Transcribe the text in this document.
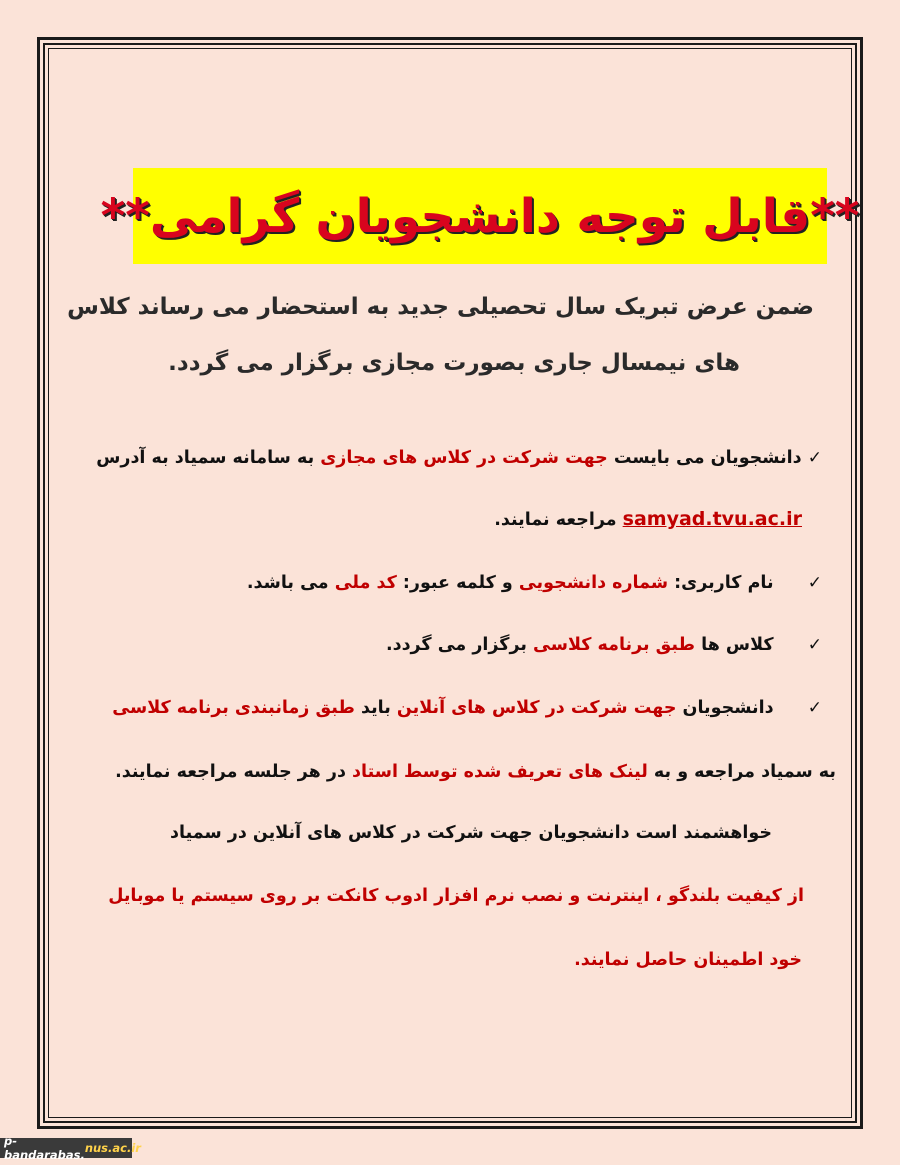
**قابل توجه دانشجویان گرامی**
ضمن عرض تبریک سال تحصیلی جدید به استحضار می رساند کلاس
های نیمسال جاری بصورت مجازی برگزار می گردد.
✓ دانشجویان می بایست جهت شرکت در کلاس های مجازی به سامانه سمیاد به آدرس
samyad.tvu.ac.ir مراجعه نمایند.
✓  نام کاربری: شماره دانشجویی و کلمه عبور: کد ملی می باشد.
✓  کلاس ها طبق برنامه کلاسی برگزار می گردد.
✓  دانشجویان جهت شرکت در کلاس های آنلاین باید طبق زمانبندی برنامه کلاسی
به سمیاد مراجعه و به لینک های تعریف شده توسط استاد در هر جلسه مراجعه نمایند.
خواهشمند است دانشجویان جهت شرکت در کلاس های آنلاین در سمیاد
از کیفیت بلندگو ، اینترنت و نصب نرم افزار ادوب کانکت بر روی سیستم یا موبایل
خود اطمینان حاصل نمایند.
p-bandarabas. nus.ac.ir
